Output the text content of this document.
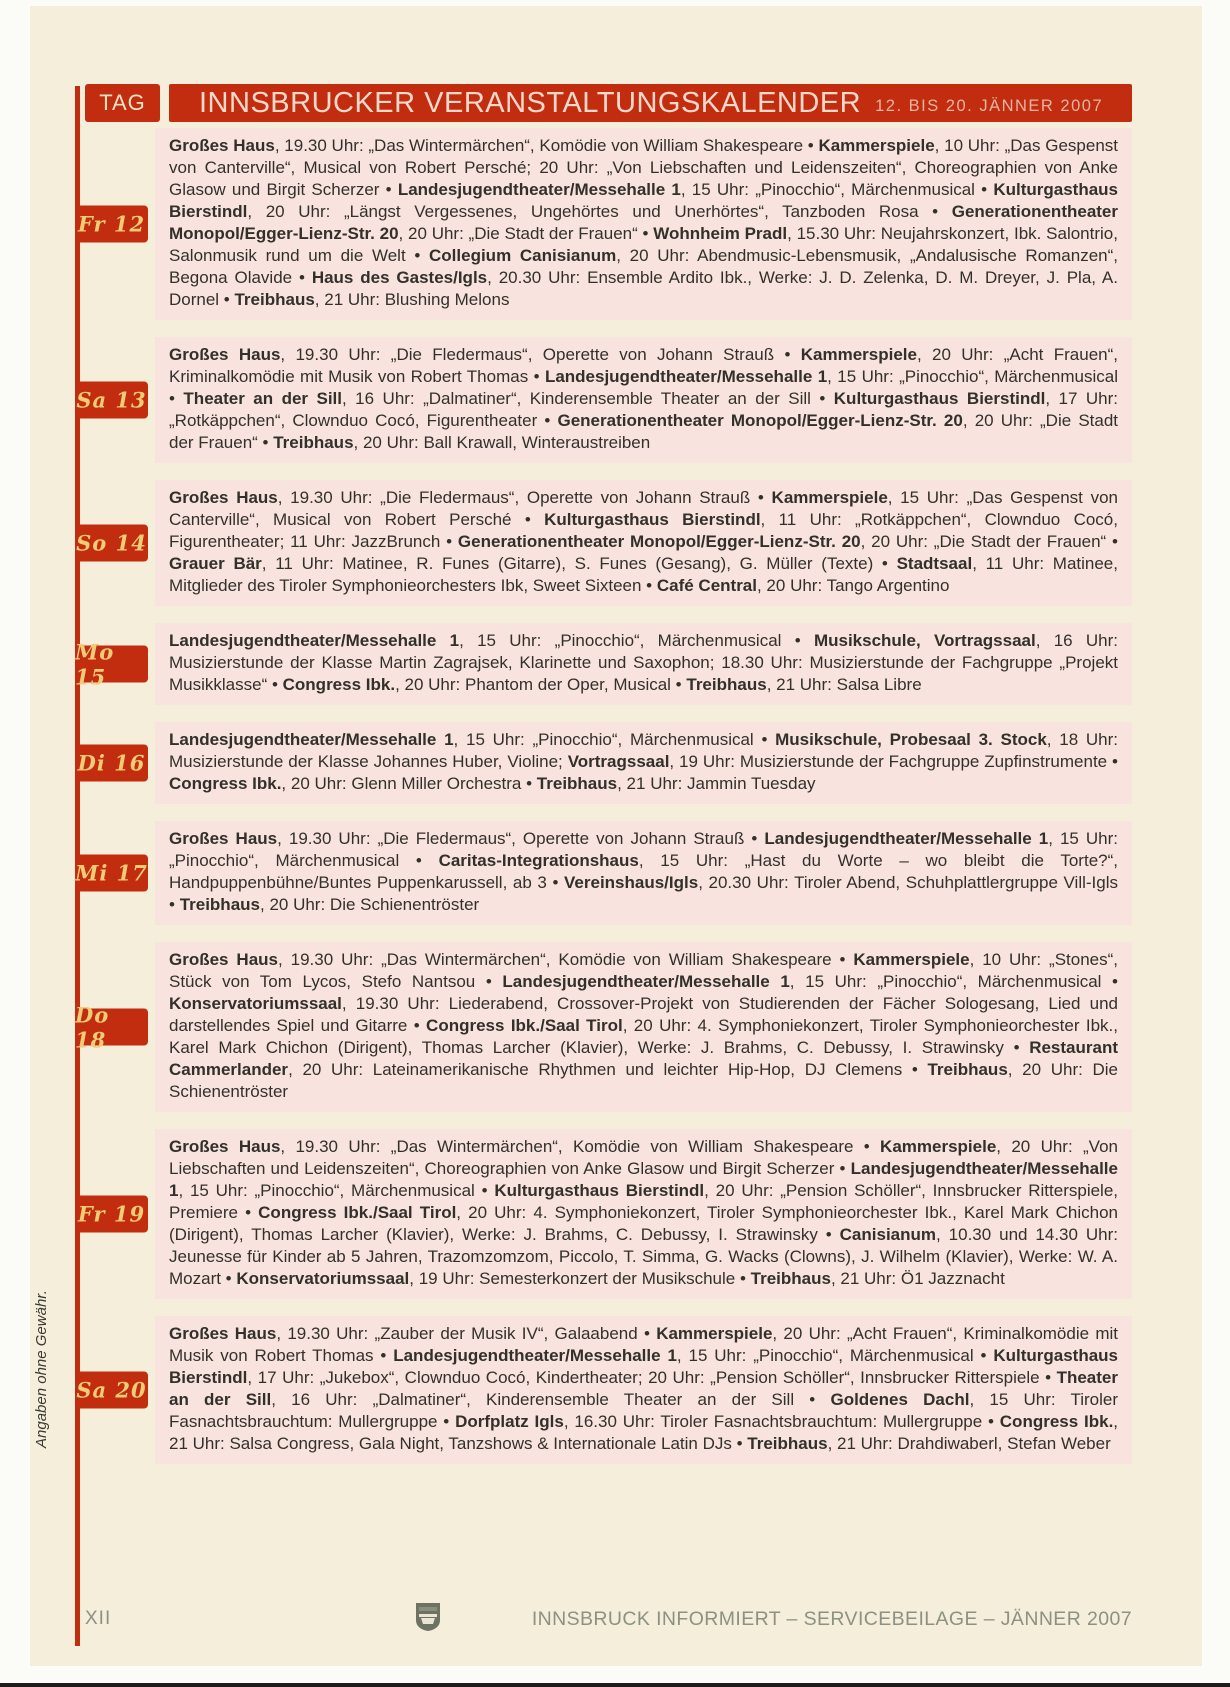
TAG	INNSBRUCKER VERANSTALTUNGSKALENDER 12. BIS 20. JÄNNER 2007
Fr 12

Großes Haus, 19.30 Uhr: „Das Wintermärchen“, Komödie von William Shakespeare • Kammerspiele, 10 Uhr: „Das Gespenst von Canterville“, Musical von Robert Persché; 20 Uhr: „Von Liebschaften und Leidenszeiten“, Choreographien von Anke Glasow und Birgit Scherzer • Landesjugendtheater/Messehalle 1, 15 Uhr: „Pinocchio“, Märchenmusical • Kulturgasthaus Bierstindl, 20 Uhr: „Längst Vergessenes, Ungehörtes und Unerhörtes“, Tanzboden Rosa • Generationentheater Monopol/Egger-Lienz-Str. 20, 20 Uhr: „Die Stadt der Frauen“ • Wohnheim Pradl, 15.30 Uhr: Neujahrskonzert, Ibk. Salontrio, Salonmusik rund um die Welt • Collegium Canisianum, 20 Uhr: Abendmusic-Lebensmusik, „Andalusische Romanzen“, Begona Olavide • Haus des Gastes/Igls, 20.30 Uhr: Ensemble Ardito Ibk., Werke: J. D. Zelenka, D. M. Dreyer, J. Pla, A. Dornel • Treibhaus, 21 Uhr: Blushing Melons

Sa 13

Großes Haus, 19.30 Uhr: „Die Fledermaus“, Operette von Johann Strauß • Kammerspiele, 20 Uhr: „Acht Frauen“, Kriminalkomödie mit Musik von Robert Thomas • Landesjugendtheater/Messehalle 1, 15 Uhr: „Pinocchio“, Märchenmusical • Theater an der Sill, 16 Uhr: „Dalmatiner“, Kinderensemble Theater an der Sill • Kulturgasthaus Bierstindl, 17 Uhr: „Rotkäppchen“, Clownduo Cocó, Figurentheater • Generationentheater Monopol/Egger-Lienz-Str. 20, 20 Uhr: „Die Stadt der Frauen“ • Treibhaus, 20 Uhr: Ball Krawall, Winteraustreiben

So 14

Großes Haus, 19.30 Uhr: „Die Fledermaus“, Operette von Johann Strauß • Kammerspiele, 15 Uhr: „Das Gespenst von Canterville“, Musical von Robert Persché • Kulturgasthaus Bierstindl, 11 Uhr: „Rotkäppchen“, Clownduo Cocó, Figurentheater; 11 Uhr: JazzBrunch • Generationentheater Monopol/Egger-Lienz-Str. 20, 20 Uhr: „Die Stadt der Frauen“ • Grauer Bär, 11 Uhr: Matinee, R. Funes (Gitarre), S. Funes (Gesang), G. Müller (Texte) • Stadtsaal, 11 Uhr: Matinee, Mitglieder des Tiroler Symphonieorchesters Ibk, Sweet Sixteen • Café Central, 20 Uhr: Tango Argentino

Mo 15

Landesjugendtheater/Messehalle 1, 15 Uhr: „Pinocchio“, Märchenmusical • Musikschule, Vortragssaal, 16 Uhr: Musizierstunde der Klasse Martin Zagrajsek, Klarinette und Saxophon; 18.30 Uhr: Musizierstunde der Fachgruppe „Projekt Musikklasse“ • Congress Ibk., 20 Uhr: Phantom der Oper, Musical • Treibhaus, 21 Uhr: Salsa Libre

Di 16

Landesjugendtheater/Messehalle 1, 15 Uhr: „Pinocchio“, Märchenmusical • Musikschule, Probesaal 3. Stock, 18 Uhr: Musizierstunde der Klasse Johannes Huber, Violine; Vortragssaal, 19 Uhr: Musizierstunde der Fachgruppe Zupfinstrumente • Congress Ibk., 20 Uhr: Glenn Miller Orchestra • Treibhaus, 21 Uhr: Jammin Tuesday

Mi 17

Großes Haus, 19.30 Uhr: „Die Fledermaus“, Operette von Johann Strauß • Landesjugendtheater/Messehalle 1, 15 Uhr: „Pinocchio“, Märchenmusical • Caritas-Integrationshaus, 15 Uhr: „Hast du Worte – wo bleibt die Torte?“, Handpuppenbühne/Buntes Puppenkarussell, ab 3 • Vereinshaus/Igls, 20.30 Uhr: Tiroler Abend, Schuhplattlergruppe Vill-Igls • Treibhaus, 20 Uhr: Die Schienentröster

Do 18

Großes Haus, 19.30 Uhr: „Das Wintermärchen“, Komödie von William Shakespeare • Kammerspiele, 10 Uhr: „Stones“, Stück von Tom Lycos, Stefo Nantsou • Landesjugendtheater/Messehalle 1, 15 Uhr: „Pinocchio“, Märchenmusical • Konservatoriumssaal, 19.30 Uhr: Liederabend, Crossover-Projekt von Studierenden der Fächer Sologesang, Lied und darstellendes Spiel und Gitarre • Congress Ibk./Saal Tirol, 20 Uhr: 4. Symphoniekonzert, Tiroler Symphonieorchester Ibk., Karel Mark Chichon (Dirigent), Thomas Larcher (Klavier), Werke: J. Brahms, C. Debussy, I. Strawinsky • Restaurant Cammerlander, 20 Uhr: Lateinamerikanische Rhythmen und leichter Hip-Hop, DJ Clemens • Treibhaus, 20 Uhr: Die Schienentröster

Fr 19

Großes Haus, 19.30 Uhr: „Das Wintermärchen“, Komödie von William Shakespeare • Kammerspiele, 20 Uhr: „Von Liebschaften und Leidenszeiten“, Choreographien von Anke Glasow und Birgit Scherzer • Landesjugendtheater/Messehalle 1, 15 Uhr: „Pinocchio“, Märchenmusical • Kulturgasthaus Bierstindl, 20 Uhr: „Pension Schöller“, Innsbrucker Ritterspiele, Premiere • Congress Ibk./Saal Tirol, 20 Uhr: 4. Symphoniekonzert, Tiroler Symphonieorchester Ibk., Karel Mark Chichon (Dirigent), Thomas Larcher (Klavier), Werke: J. Brahms, C. Debussy, I. Strawinsky • Canisianum, 10.30 und 14.30 Uhr: Jeunesse für Kinder ab 5 Jahren, Trazomzomzom, Piccolo, T. Simma, G. Wacks (Clowns), J. Wilhelm (Klavier), Werke: W. A. Mozart • Konservatoriumssaal, 19 Uhr: Semesterkonzert der Musikschule • Treibhaus, 21 Uhr: Ö1 Jazznacht

Sa 20

Großes Haus, 19.30 Uhr: „Zauber der Musik IV“, Galaabend • Kammerspiele, 20 Uhr: „Acht Frauen“, Kriminalkomödie mit Musik von Robert Thomas • Landesjugendtheater/Messehalle 1, 15 Uhr: „Pinocchio“, Märchenmusical • Kulturgasthaus Bierstindl, 17 Uhr: „Jukebox“, Clownduo Cocó, Kindertheater; 20 Uhr: „Pension Schöller“, Innsbrucker Ritterspiele • Theater an der Sill, 16 Uhr: „Dalmatiner“, Kinderensemble Theater an der Sill • Goldenes Dachl, 15 Uhr: Tiroler Fasnachtsbrauchtum: Mullergruppe • Dorfplatz Igls, 16.30 Uhr: Tiroler Fasnachtsbrauchtum: Mullergruppe • Congress Ibk., 21 Uhr: Salsa Congress, Gala Night, Tanzshows & Internationale Latin DJs • Treibhaus, 21 Uhr: Drahdiwaberl, Stefan Weber

Angaben ohne Gewähr.
XII	INNSBRUCK INFORMIERT – SERVICEBEILAGE – JÄNNER 2007
